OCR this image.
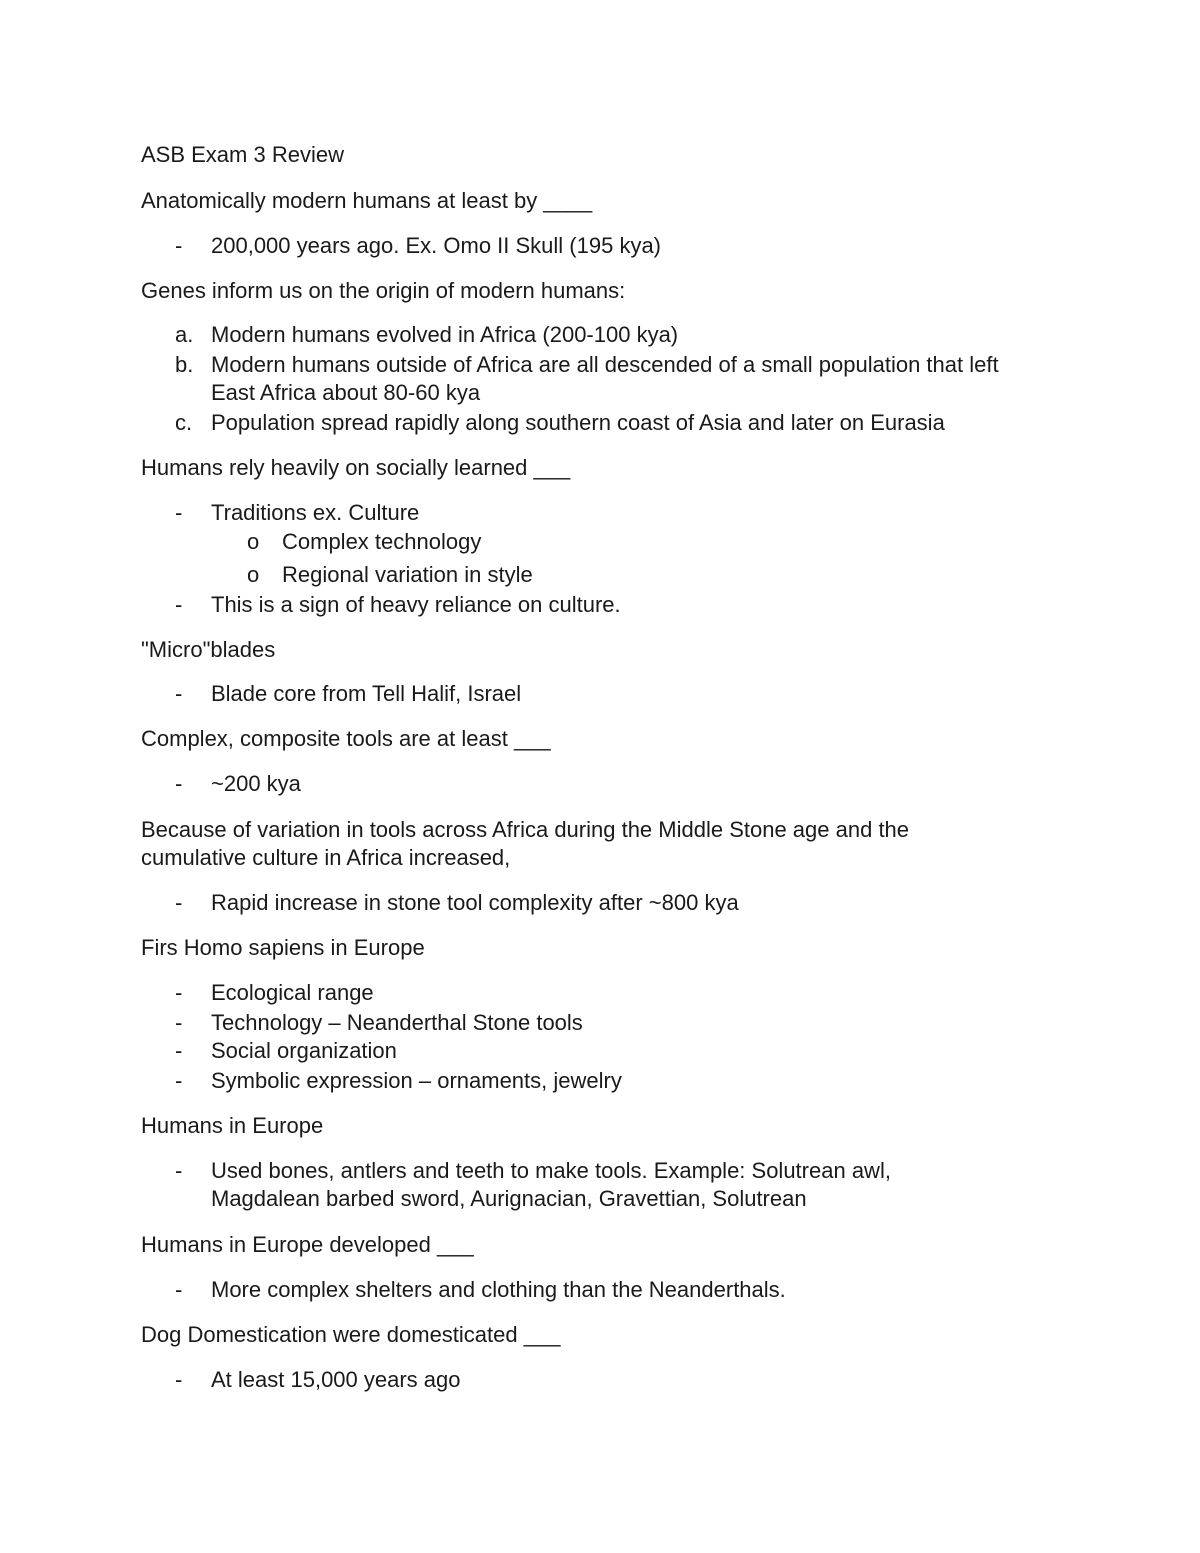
ASB Exam 3 Review
Anatomically modern humans at least by ____
- 200,000 years ago. Ex. Omo II Skull (195 kya)
Genes inform us on the origin of modern humans:
a. Modern humans evolved in Africa (200-100 kya)
b. Modern humans outside of Africa are all descended of a small population that left
East Africa about 80-60 kya
c. Population spread rapidly along southern coast of Asia and later on Eurasia
Humans rely heavily on socially learned ___
- Traditions ex. Culture
o Complex technology
o Regional variation in style
- This is a sign of heavy reliance on culture.
"Micro"blades
- Blade core from Tell Halif, Israel
Complex, composite tools are at least ___
- ~200 kya
Because of variation in tools across Africa during the Middle Stone age and the
cumulative culture in Africa increased,
- Rapid increase in stone tool complexity after ~800 kya
Firs Homo sapiens in Europe
- Ecological range
- Technology – Neanderthal Stone tools
- Social organization
- Symbolic expression – ornaments, jewelry
Humans in Europe
- Used bones, antlers and teeth to make tools. Example: Solutrean awl,
Magdalean barbed sword, Aurignacian, Gravettian, Solutrean
Humans in Europe developed ___
- More complex shelters and clothing than the Neanderthals.
Dog Domestication were domesticated ___
- At least 15,000 years ago
